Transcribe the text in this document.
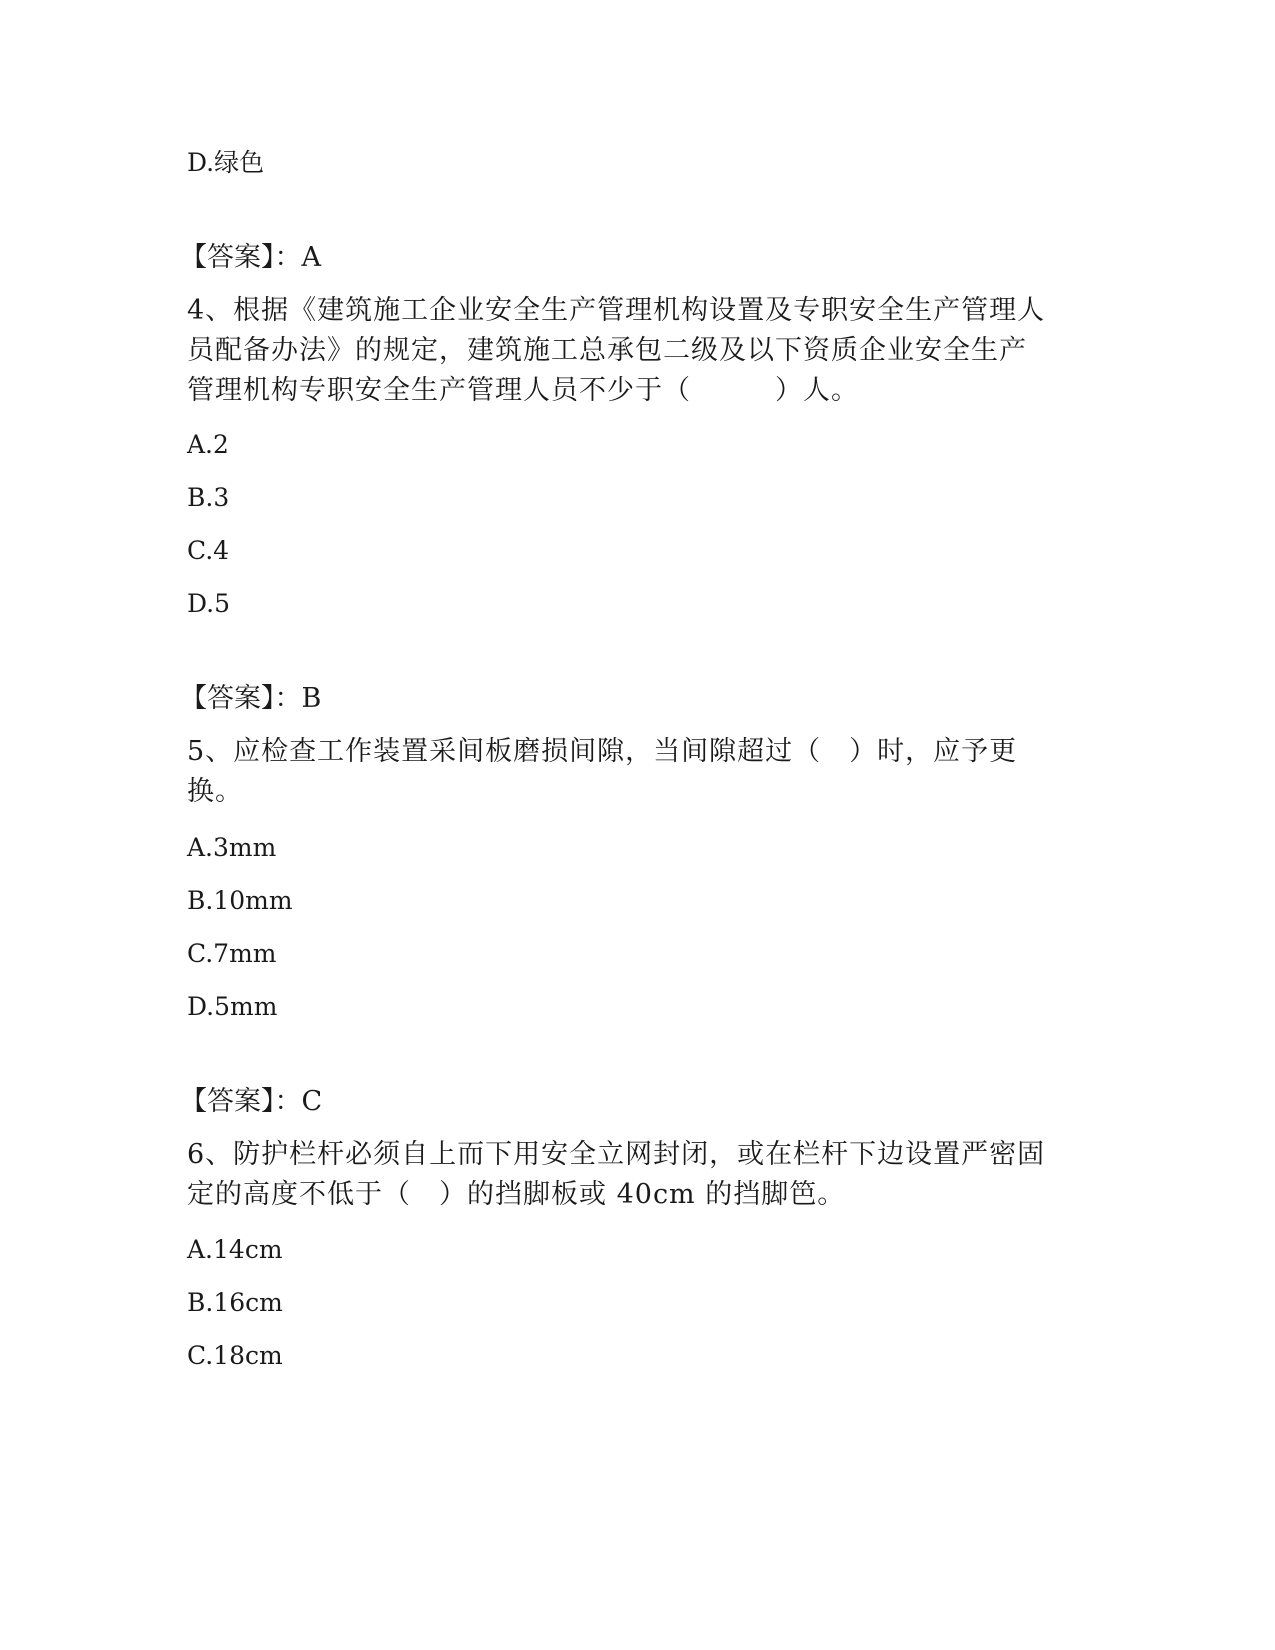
D.绿色
【答案】：A
4、根据《建筑施工企业安全生产管理机构设置及专职安全生产管理人
员配备办法》的规定，建筑施工总承包二级及以下资质企业安全生产
管理机构专职安全生产管理人员不少于（　　　）人。
A.2
B.3
C.4
D.5
【答案】：B
5、应检查工作装置采间板磨损间隙，当间隙超过（　）时，应予更
换。
A.3mm
B.10mm
C.7mm
D.5mm
【答案】：C
6、防护栏杆必须自上而下用安全立网封闭，或在栏杆下边设置严密固
定的高度不低于（　）的挡脚板或 40cm 的挡脚笆。
A.14cm
B.16cm
C.18cm
